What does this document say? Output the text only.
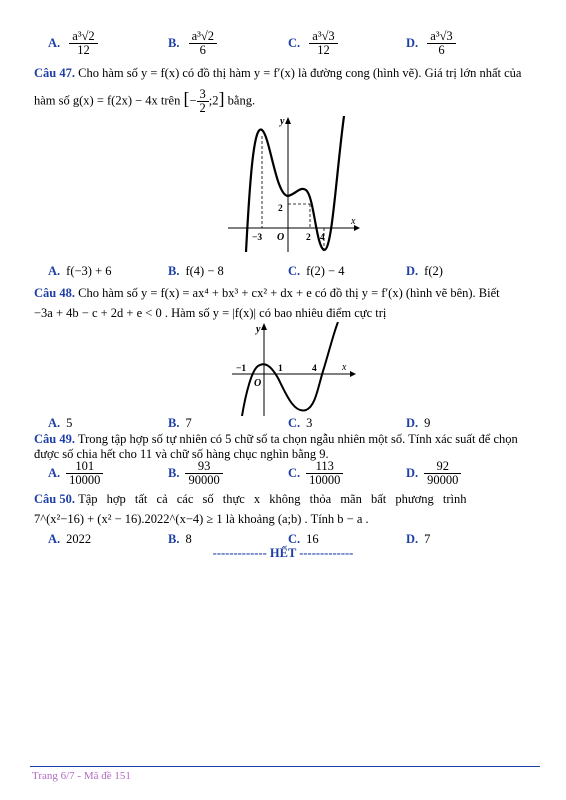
A. $\frac{\text{a³√2}}{12}$	B. $\frac{\text{a³√2}}{6}$	C. $\frac{\text{a³√3}}{12}$	D. $\frac{\text{a³√3}}{6}$
Câu 47. Cho hàm số y = f(x) có đồ thị hàm y = f′(x) là đường cong (hình vẽ). Giá trị lớn nhất của
hàm số g(x) = f(2x) − 4x trên [− $\frac{3}{2}$ ;2] bằng.
y
x
O
−3	2 4
2
A. f(−3) + 6	B. f(4) − 8	C. f(2) − 4	D. f(2)
Câu 48. Cho hàm số y = f(x) = ax⁴ + bx³ + cx² + dx + e có đồ thị y = f′(x) (hình vẽ bên). Biết
−3a + 4b − c + 2d + e < 0 . Hàm số y = |f(x)| có bao nhiêu điểm cực trị
y
x
O
−1	1	4
A. 5	B. 7	C. 3	D. 9
Câu 49. Trong tập hợp số tự nhiên có 5 chữ số ta chọn ngẫu nhiên một số. Tính xác suất để chọn
được số chia hết cho 11 và chữ số hàng chục nghìn bằng 9.
A. $\frac{101}{10000}$	B. $\frac{93}{90000}$	C. $\frac{113}{10000}$	D. $\frac{92}{90000}$
Câu 50. Tập hợp tất cả các số thực x không thỏa mãn bất phương trình
7^(x²−16) + (x² − 16).2022^(x−4) ≥ 1 là khoảng (a;b) . Tính b − a .
A. 2022	B. 8	C. 16	D. 7
------------- HẾT -------------
Trang 6/7 - Mã đề 151
